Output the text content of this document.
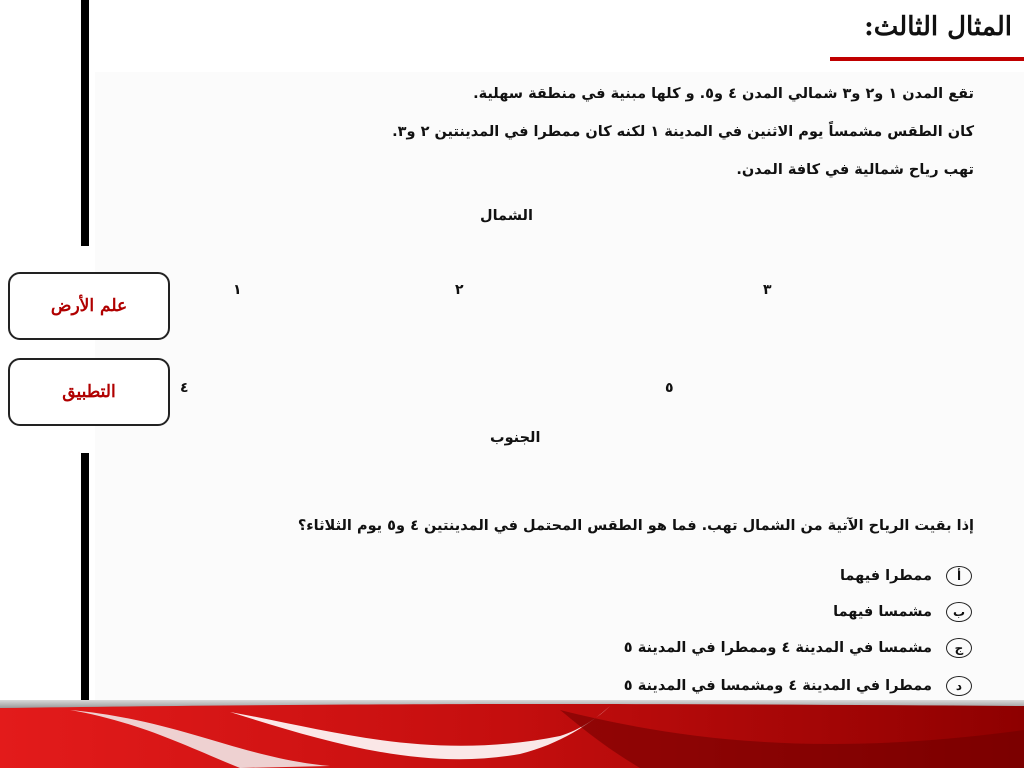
المثال الثالث:
تقع المدن ١ و٢ و٣ شمالي المدن ٤ و٥. و كلها مبنية في منطقة سهلية.
كان الطقس مشمساً يوم الاثنين في المدينة ١ لكنه كان ممطرا في المدينتين ٢ و٣.
تهب رياح شمالية في كافة المدن.
الشمال
١	٢	٣
٤	٥
الجنوب
إذا بقيت الرياح الآتية من الشمال تهب. فما هو الطقس المحتمل في المدينتين ٤ و٥ يوم الثلاثاء؟
أ
ممطرا فيهما
ب
مشمسا فيهما
ج
مشمسا في المدينة ٤ وممطرا في المدينة ٥
د
ممطرا في المدينة ٤ ومشمسا في المدينة ٥
علم الأرض
التطبيق
